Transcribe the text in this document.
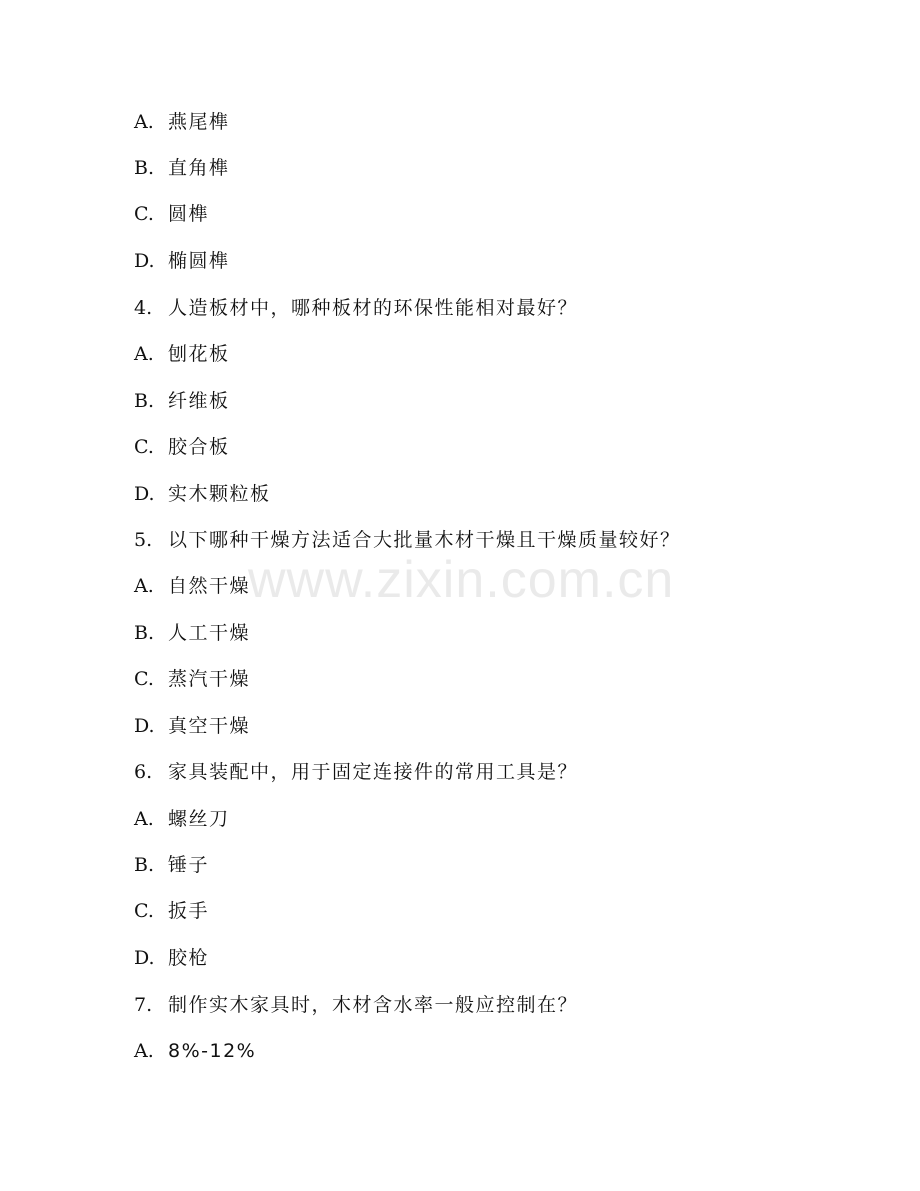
A. 燕尾榫
B. 直角榫
C. 圆榫
D. 椭圆榫
4. 人造板材中，哪种板材的环保性能相对最好？
A. 刨花板
B. 纤维板
C. 胶合板
D. 实木颗粒板
5. 以下哪种干燥方法适合大批量木材干燥且干燥质量较好？
A. 自然干燥
B. 人工干燥
C. 蒸汽干燥
D. 真空干燥
6. 家具装配中，用于固定连接件的常用工具是？
A. 螺丝刀
B. 锤子
C. 扳手
D. 胶枪
7. 制作实木家具时，木材含水率一般应控制在？
A. 8%-12%
www.zixin.com.cn
